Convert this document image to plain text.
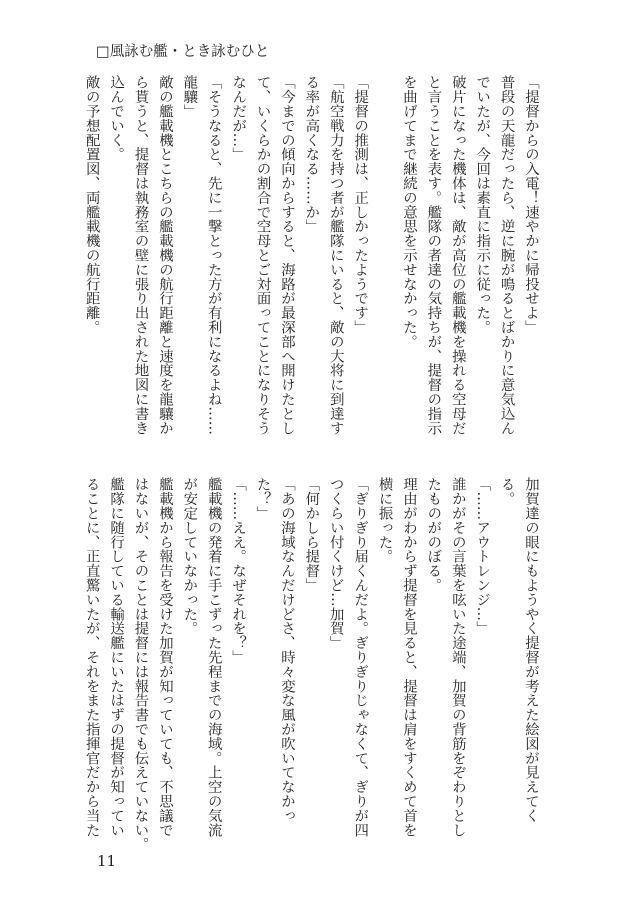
□風詠む艦・とき詠むひと
「提督からの入電！速やかに帰投せよ」
普段の天龍だったら、逆に腕が鳴るとばかりに意気込ん
でいたが、今回は素直に指示に従った。
破片になった機体は、敵が高位の艦載機を操れる空母だ
と言うことを表す。艦隊の者達の気持ちが、提督の指示
を曲げてまで継続の意思を示せなかった。
「提督の推測は、正しかったようです」
「航空戦力を持つ者が艦隊にいると、敵の大将に到達す
る率が高くなる……か」
「今までの傾向からすると、海路が最深部へ開けたとし
て、いくらかの割合で空母とご対面ってことになりそう
なんだが…」
「そうなると、先に一撃とった方が有利になるよね……
龍驤」
敵の艦載機とこちらの艦載機の航行距離と速度を龍驤か
ら貰うと、提督は執務室の壁に張り出された地図に書き
込んでいく。
敵の予想配置図、両艦載機の航行距離。
加賀達の眼にもようやく提督が考えた絵図が見えてく
る。
「……アウトレンジ…」
誰かがその言葉を呟いた途端、加賀の背筋をぞわりとし
たものがのぼる。
理由がわからず提督を見ると、提督は肩をすくめて首を
横に振った。
「ぎりぎり届くんだよ。ぎりぎりじゃなくて、ぎりが四
つくらい付くけど…加賀」
「何かしら提督」
「あの海域なんだけどさ、時々変な風が吹いてなかっ
た？」
「……ええ。なぜそれを？」
艦載機の発着に手こずった先程までの海域。上空の気流
が安定していなかった。
艦載機から報告を受けた加賀が知っていても、不思議で
はないが、そのことは提督には報告書でも伝えていない。
艦隊に随行している輸送艦にいたはずの提督が知ってい
ることに、正直驚いたが、それをまた指揮官だから当た
11
